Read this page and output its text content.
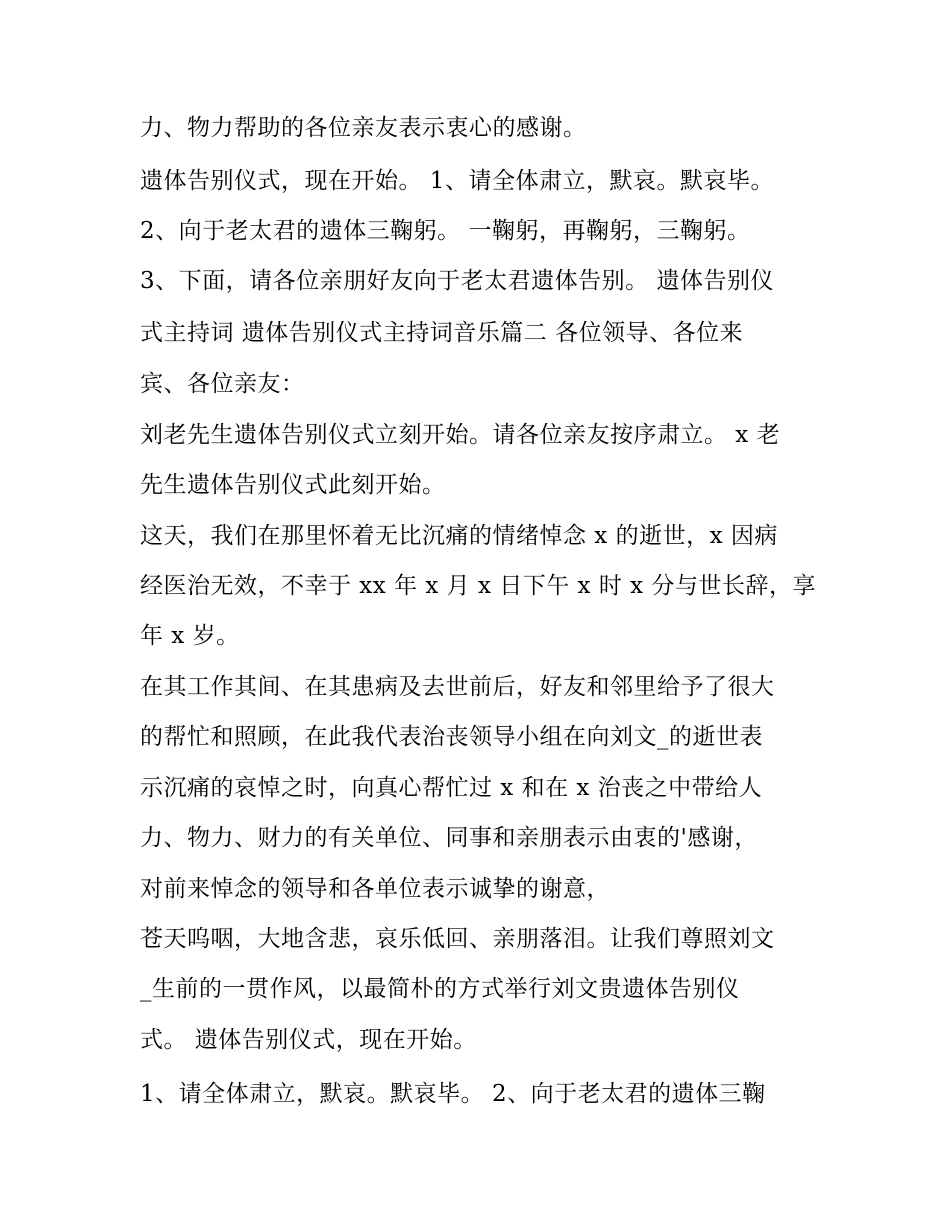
力、物力帮助的各位亲友表示衷心的感谢。
遗体告别仪式，现在开始。 1、请全体肃立，默哀。默哀毕。
2、向于老太君的遗体三鞠躬。 一鞠躬，再鞠躬，三鞠躬。
3、下面，请各位亲朋好友向于老太君遗体告别。 遗体告别仪
式主持词 遗体告别仪式主持词音乐篇二 各位领导、各位来
宾、各位亲友：
刘老先生遗体告别仪式立刻开始。请各位亲友按序肃立。 x 老
先生遗体告别仪式此刻开始。
这天，我们在那里怀着无比沉痛的情绪悼念 x 的逝世，x 因病
经医治无效，不幸于 xx 年 x 月 x 日下午 x 时 x 分与世长辞，享
年 x 岁。
在其工作其间、在其患病及去世前后，好友和邻里给予了很大
的帮忙和照顾，在此我代表治丧领导小组在向刘文_的逝世表
示沉痛的哀悼之时，向真心帮忙过 x 和在 x 治丧之中带给人
力、物力、财力的有关单位、同事和亲朋表示由衷的'感谢，
对前来悼念的领导和各单位表示诚挚的谢意，
苍天呜咽，大地含悲，哀乐低回、亲朋落泪。让我们尊照刘文
_生前的一贯作风，以最简朴的方式举行刘文贵遗体告别仪
式。 遗体告别仪式，现在开始。
1、请全体肃立，默哀。默哀毕。 2、向于老太君的遗体三鞠
